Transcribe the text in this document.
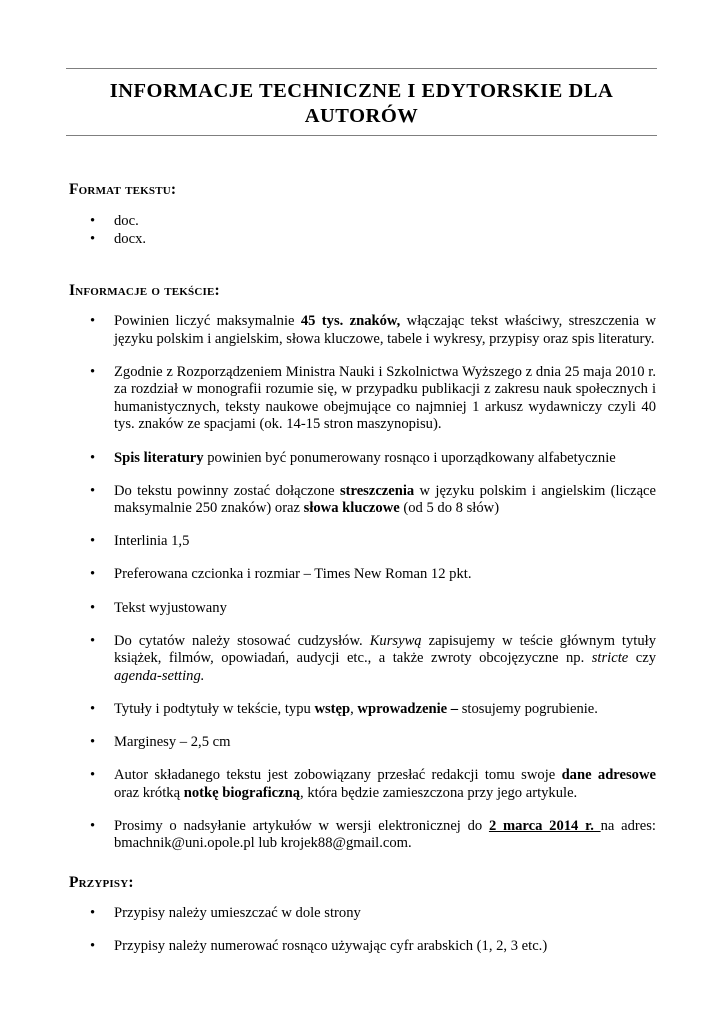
INFORMACJE TECHNICZNE I EDYTORSKIE DLA AUTORÓW
Format tekstu:
•	doc.
•	docx.
Informacje o tekście:
•	Powinien liczyć maksymalnie 45 tys. znaków, włączając tekst właściwy, streszczenia w języku polskim i angielskim, słowa kluczowe, tabele i wykresy, przypisy oraz spis literatury.
•	Zgodnie z Rozporządzeniem Ministra Nauki i Szkolnictwa Wyższego z dnia 25 maja 2010 r. za rozdział w monografii rozumie się, w przypadku publikacji z zakresu nauk społecznych i humanistycznych, teksty naukowe obejmujące co najmniej 1 arkusz wydawniczy czyli 40 tys. znaków ze spacjami (ok. 14-15 stron maszynopisu).
•	Spis literatury powinien być ponumerowany rosnąco i uporządkowany alfabetycznie
•	Do tekstu powinny zostać dołączone streszczenia w języku polskim i angielskim (liczące maksymalnie 250 znaków) oraz słowa kluczowe (od 5 do 8 słów)
•	Interlinia 1,5
•	Preferowana czcionka i rozmiar – Times New Roman 12 pkt.
•	Tekst wyjustowany
•	Do cytatów należy stosować cudzysłów. Kursywą zapisujemy w teście głównym tytuły książek, filmów, opowiadań, audycji etc., a także zwroty obcojęzyczne np. stricte czy agenda-setting.
•	Tytuły i podtytuły w tekście, typu wstęp, wprowadzenie – stosujemy pogrubienie.
•	Marginesy – 2,5 cm
•	Autor składanego tekstu jest zobowiązany przesłać redakcji tomu swoje dane adresowe oraz krótką notkę biograficzną, która będzie zamieszczona przy jego artykule.
•	Prosimy o nadsyłanie artykułów w wersji elektronicznej do 2 marca 2014 r. na adres: bmachnik@uni.opole.pl lub krojek88@gmail.com.
Przypisy:
•	Przypisy należy umieszczać w dole strony
•	Przypisy należy numerować rosnąco używając cyfr arabskich (1, 2, 3 etc.)
